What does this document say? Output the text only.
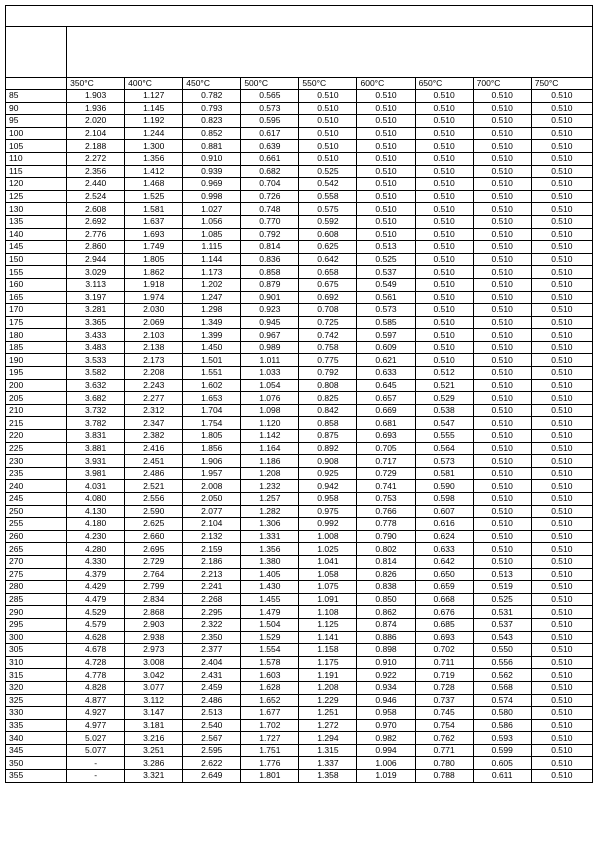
	350°C	400°C	450°C	500°C	550°C	600°C	650°C	700°C	750°C
85	1.903	1.127	0.782	0.565	0.510	0.510	0.510	0.510	0.510
90	1.936	1.145	0.793	0.573	0.510	0.510	0.510	0.510	0.510
95	2.020	1.192	0.823	0.595	0.510	0.510	0.510	0.510	0.510
100	2.104	1.244	0.852	0.617	0.510	0.510	0.510	0.510	0.510
105	2.188	1.300	0.881	0.639	0.510	0.510	0.510	0.510	0.510
110	2.272	1.356	0.910	0.661	0.510	0.510	0.510	0.510	0.510
115	2.356	1.412	0.939	0.682	0.525	0.510	0.510	0.510	0.510
120	2.440	1.468	0.969	0.704	0.542	0.510	0.510	0.510	0.510
125	2.524	1.525	0.998	0.726	0.558	0.510	0.510	0.510	0.510
130	2.608	1.581	1.027	0.748	0.575	0.510	0.510	0.510	0.510
135	2.692	1.637	1.056	0.770	0.592	0.510	0.510	0.510	0.510
140	2.776	1.693	1.085	0.792	0.608	0.510	0.510	0.510	0.510
145	2.860	1.749	1.115	0.814	0.625	0.513	0.510	0.510	0.510
150	2.944	1.805	1.144	0.836	0.642	0.525	0.510	0.510	0.510
155	3.029	1.862	1.173	0.858	0.658	0.537	0.510	0.510	0.510
160	3.113	1.918	1.202	0.879	0.675	0.549	0.510	0.510	0.510
165	3.197	1.974	1.247	0.901	0.692	0.561	0.510	0.510	0.510
170	3.281	2.030	1.298	0.923	0.708	0.573	0.510	0.510	0.510
175	3.365	2.069	1.349	0.945	0.725	0.585	0.510	0.510	0.510
180	3.433	2.103	1.399	0.967	0.742	0.597	0.510	0.510	0.510
185	3.483	2.138	1.450	0.989	0.758	0.609	0.510	0.510	0.510
190	3.533	2.173	1.501	1.011	0.775	0.621	0.510	0.510	0.510
195	3.582	2.208	1.551	1.033	0.792	0.633	0.512	0.510	0.510
200	3.632	2.243	1.602	1.054	0.808	0.645	0.521	0.510	0.510
205	3.682	2.277	1.653	1.076	0.825	0.657	0.529	0.510	0.510
210	3.732	2.312	1.704	1.098	0.842	0.669	0.538	0.510	0.510
215	3.782	2.347	1.754	1.120	0.858	0.681	0.547	0.510	0.510
220	3.831	2.382	1.805	1.142	0.875	0.693	0.555	0.510	0.510
225	3.881	2.416	1.856	1.164	0.892	0.705	0.564	0.510	0.510
230	3.931	2.451	1.906	1.186	0.908	0.717	0.573	0.510	0.510
235	3.981	2.486	1.957	1.208	0.925	0.729	0.581	0.510	0.510
240	4.031	2.521	2.008	1.232	0.942	0.741	0.590	0.510	0.510
245	4.080	2.556	2.050	1.257	0.958	0.753	0.598	0.510	0.510
250	4.130	2.590	2.077	1.282	0.975	0.766	0.607	0.510	0.510
255	4.180	2.625	2.104	1.306	0.992	0.778	0.616	0.510	0.510
260	4.230	2.660	2.132	1.331	1.008	0.790	0.624	0.510	0.510
265	4.280	2.695	2.159	1.356	1.025	0.802	0.633	0.510	0.510
270	4.330	2.729	2.186	1.380	1.041	0.814	0.642	0.510	0.510
275	4.379	2.764	2.213	1.405	1.058	0.826	0.650	0.513	0.510
280	4.429	2.799	2.241	1.430	1.075	0.838	0.659	0.519	0.510
285	4.479	2.834	2.268	1.455	1.091	0.850	0.668	0.525	0.510
290	4.529	2.868	2.295	1.479	1.108	0.862	0.676	0.531	0.510
295	4.579	2.903	2.322	1.504	1.125	0.874	0.685	0.537	0.510
300	4.628	2.938	2.350	1.529	1.141	0.886	0.693	0.543	0.510
305	4.678	2.973	2.377	1.554	1.158	0.898	0.702	0.550	0.510
310	4.728	3.008	2.404	1.578	1.175	0.910	0.711	0.556	0.510
315	4.778	3.042	2.431	1.603	1.191	0.922	0.719	0.562	0.510
320	4.828	3.077	2.459	1.628	1.208	0.934	0.728	0.568	0.510
325	4.877	3.112	2.486	1.652	1.229	0.946	0.737	0.574	0.510
330	4.927	3.147	2.513	1.677	1.251	0.958	0.745	0.580	0.510
335	4.977	3.181	2.540	1.702	1.272	0.970	0.754	0.586	0.510
340	5.027	3.216	2.567	1.727	1.294	0.982	0.762	0.593	0.510
345	5.077	3.251	2.595	1.751	1.315	0.994	0.771	0.599	0.510
350	-	3.286	2.622	1.776	1.337	1.006	0.780	0.605	0.510
355	-	3.321	2.649	1.801	1.358	1.019	0.788	0.611	0.510
